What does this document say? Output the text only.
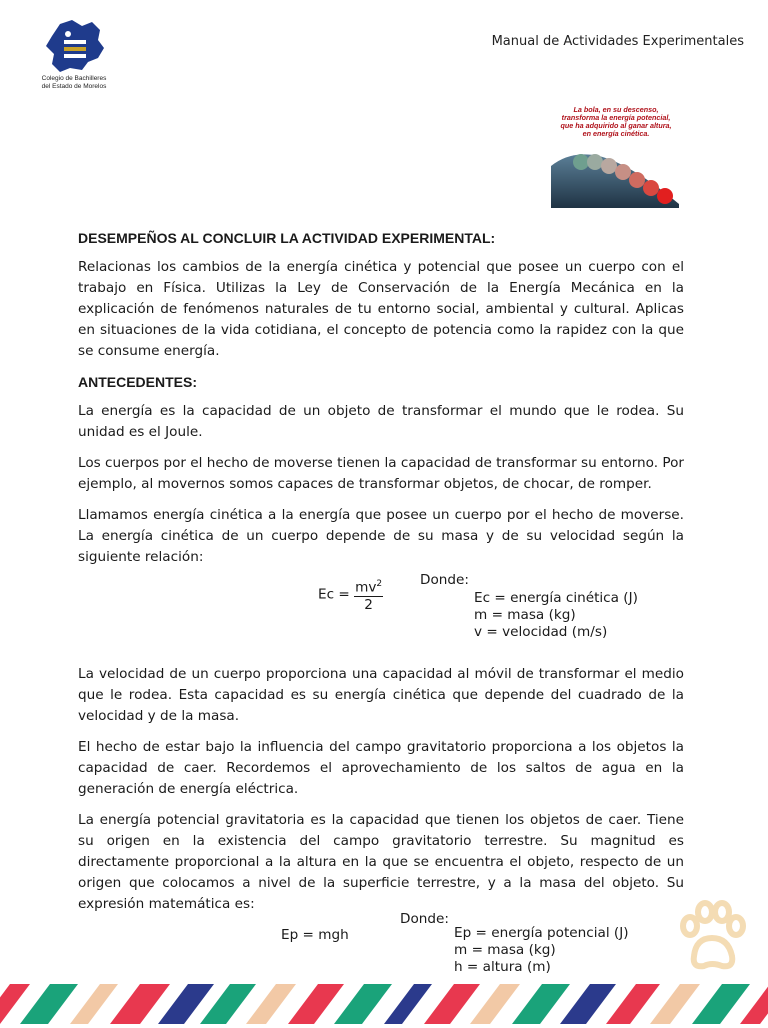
Colegio de Bachilleres
del Estado de Morelos
Manual de Actividades Experimentales
La bola, en su descenso,
transforma la energía potencial,
que ha adquirido al ganar altura,
en energía cinética.
DESEMPEÑOS AL CONCLUIR LA ACTIVIDAD EXPERIMENTAL:

Relacionas los cambios de la energía cinética y potencial que posee un cuerpo con el trabajo en Física. Utilizas la Ley de Conservación de la Energía Mecánica en la explicación de fenómenos naturales de tu entorno social, ambiental y cultural. Aplicas en situaciones de la vida cotidiana, el concepto de potencia como la rapidez con la que se consume energía.

ANTECEDENTES:

La energía es la capacidad de un objeto de transformar el mundo que le rodea. Su unidad es el Joule.

Los cuerpos por el hecho de moverse tienen la capacidad de transformar su entorno. Por ejemplo, al movernos somos capaces de transformar objetos, de chocar, de romper.

Llamamos energía cinética a la energía que posee un cuerpo por el hecho de moverse. La energía cinética de un cuerpo depende de su masa y de su velocidad según la siguiente relación:

$Ec = \frac{mv^2}{2}$	Donde:
Ec = energía cinética (J)
m = masa (kg)
v = velocidad (m/s)

La velocidad de un cuerpo proporciona una capacidad al móvil de transformar el medio que le rodea. Esta capacidad es su energía cinética que depende del cuadrado de la velocidad y de la masa.

El hecho de estar bajo la influencia del campo gravitatorio proporciona a los objetos la capacidad de caer. Recordemos el aprovechamiento de los saltos de agua en la generación de energía eléctrica.

La energía potencial gravitatoria es la capacidad que tienen los objetos de caer. Tiene su origen en la existencia del campo gravitatorio terrestre. Su magnitud es directamente proporcional a la altura en la que se encuentra el objeto, respecto de un origen que colocamos a nivel de la superficie terrestre, y a la masa del objeto. Su expresión matemática es:

Donde:
Ep = mgh	Ep = energía potencial (J)
m = masa (kg)
h = altura (m)
